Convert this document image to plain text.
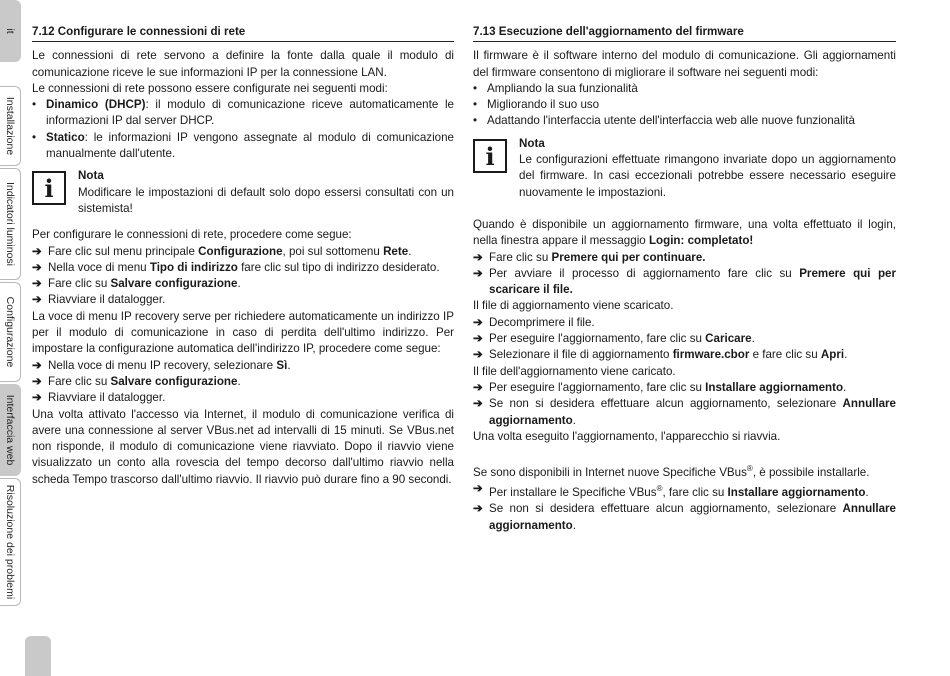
it
Installazione
Indicatori luminosi
Configurazione
Interfaccia web
Risoluzione dei problemi

7.12 Configurare le connessioni di rete

Le connessioni di rete servono a definire la fonte dalla quale il modulo di comunicazione riceve le sue informazioni IP per la connessione LAN.

Le connessioni di rete possono essere configurate nei seguenti modi:

• Dinamico (DHCP): il modulo di comunicazione riceve automaticamente le informazioni IP dal server DHCP.

• Statico: le informazioni IP vengono assegnate al modulo di comunicazione manualmente dall'utente.

i	Nota

Modificare le impostazioni di default solo dopo essersi consultati con un sistemista!

Per configurare le connessioni di rete, procedere come segue:

➔ Fare clic sul menu principale Configurazione, poi sul sottomenu Rete.

➔ Nella voce di menu Tipo di indirizzo fare clic sul tipo di indirizzo desiderato.

➔ Fare clic su Salvare configurazione.

➔ Riavviare il datalogger.

La voce di menu IP recovery serve per richiedere automaticamente un indirizzo IP per il modulo di comunicazione in caso di perdita dell'ultimo indirizzo. Per impostare la configurazione automatica dell'indirizzo IP, procedere come segue:

➔ Nella voce di menu IP recovery, selezionare Sì.

➔ Fare clic su Salvare configurazione.

➔ Riavviare il datalogger.

Una volta attivato l'accesso via Internet, il modulo di comunicazione verifica di avere una connessione al server VBus.net ad intervalli di 15 minuti. Se VBus.net non risponde, il modulo di comunicazione viene riavviato. Dopo il riavvio viene visualizzato un conto alla rovescia del tempo decorso dall'ultimo riavvio nella scheda Tempo trascorso dall'ultimo riavvio. Il riavvio può durare fino a 90 secondi.

7.13 Esecuzione dell'aggiornamento del firmware

Il firmware è il software interno del modulo di comunicazione. Gli aggiornamenti del firmware consentono di migliorare il software nei seguenti modi:

• Ampliando la sua funzionalità

• Migliorando il suo uso

• Adattando l'interfaccia utente dell'interfaccia web alle nuove funzionalità

i	Nota

Le configurazioni effettuate rimangono invariate dopo un aggiornamento del firmware. In casi eccezionali potrebbe essere necessario eseguire nuovamente le impostazioni.

Quando è disponibile un aggiornamento firmware, una volta effettuato il login, nella finestra appare il messaggio Login: completato!

➔ Fare clic su Premere qui per continuare.

➔ Per avviare il processo di aggiornamento fare clic su Premere qui per scaricare il file.

Il file di aggiornamento viene scaricato.

➔ Decomprimere il file.

➔ Per eseguire l'aggiornamento, fare clic su Caricare.

➔ Selezionare il file di aggiornamento firmware.cbor e fare clic su Apri.

Il file dell'aggiornamento viene caricato.

➔ Per eseguire l'aggiornamento, fare clic su Installare aggiornamento.

➔ Se non si desidera effettuare alcun aggiornamento, selezionare Annullare aggiornamento.

Una volta eseguito l'aggiornamento, l'apparecchio si riavvia.

Se sono disponibili in Internet nuove Specifiche VBus®, è possibile installarle.

➔ Per installare le Specifiche VBus®, fare clic su Installare aggiornamento.

➔ Se non si desidera effettuare alcun aggiornamento, selezionare Annullare aggiornamento.
